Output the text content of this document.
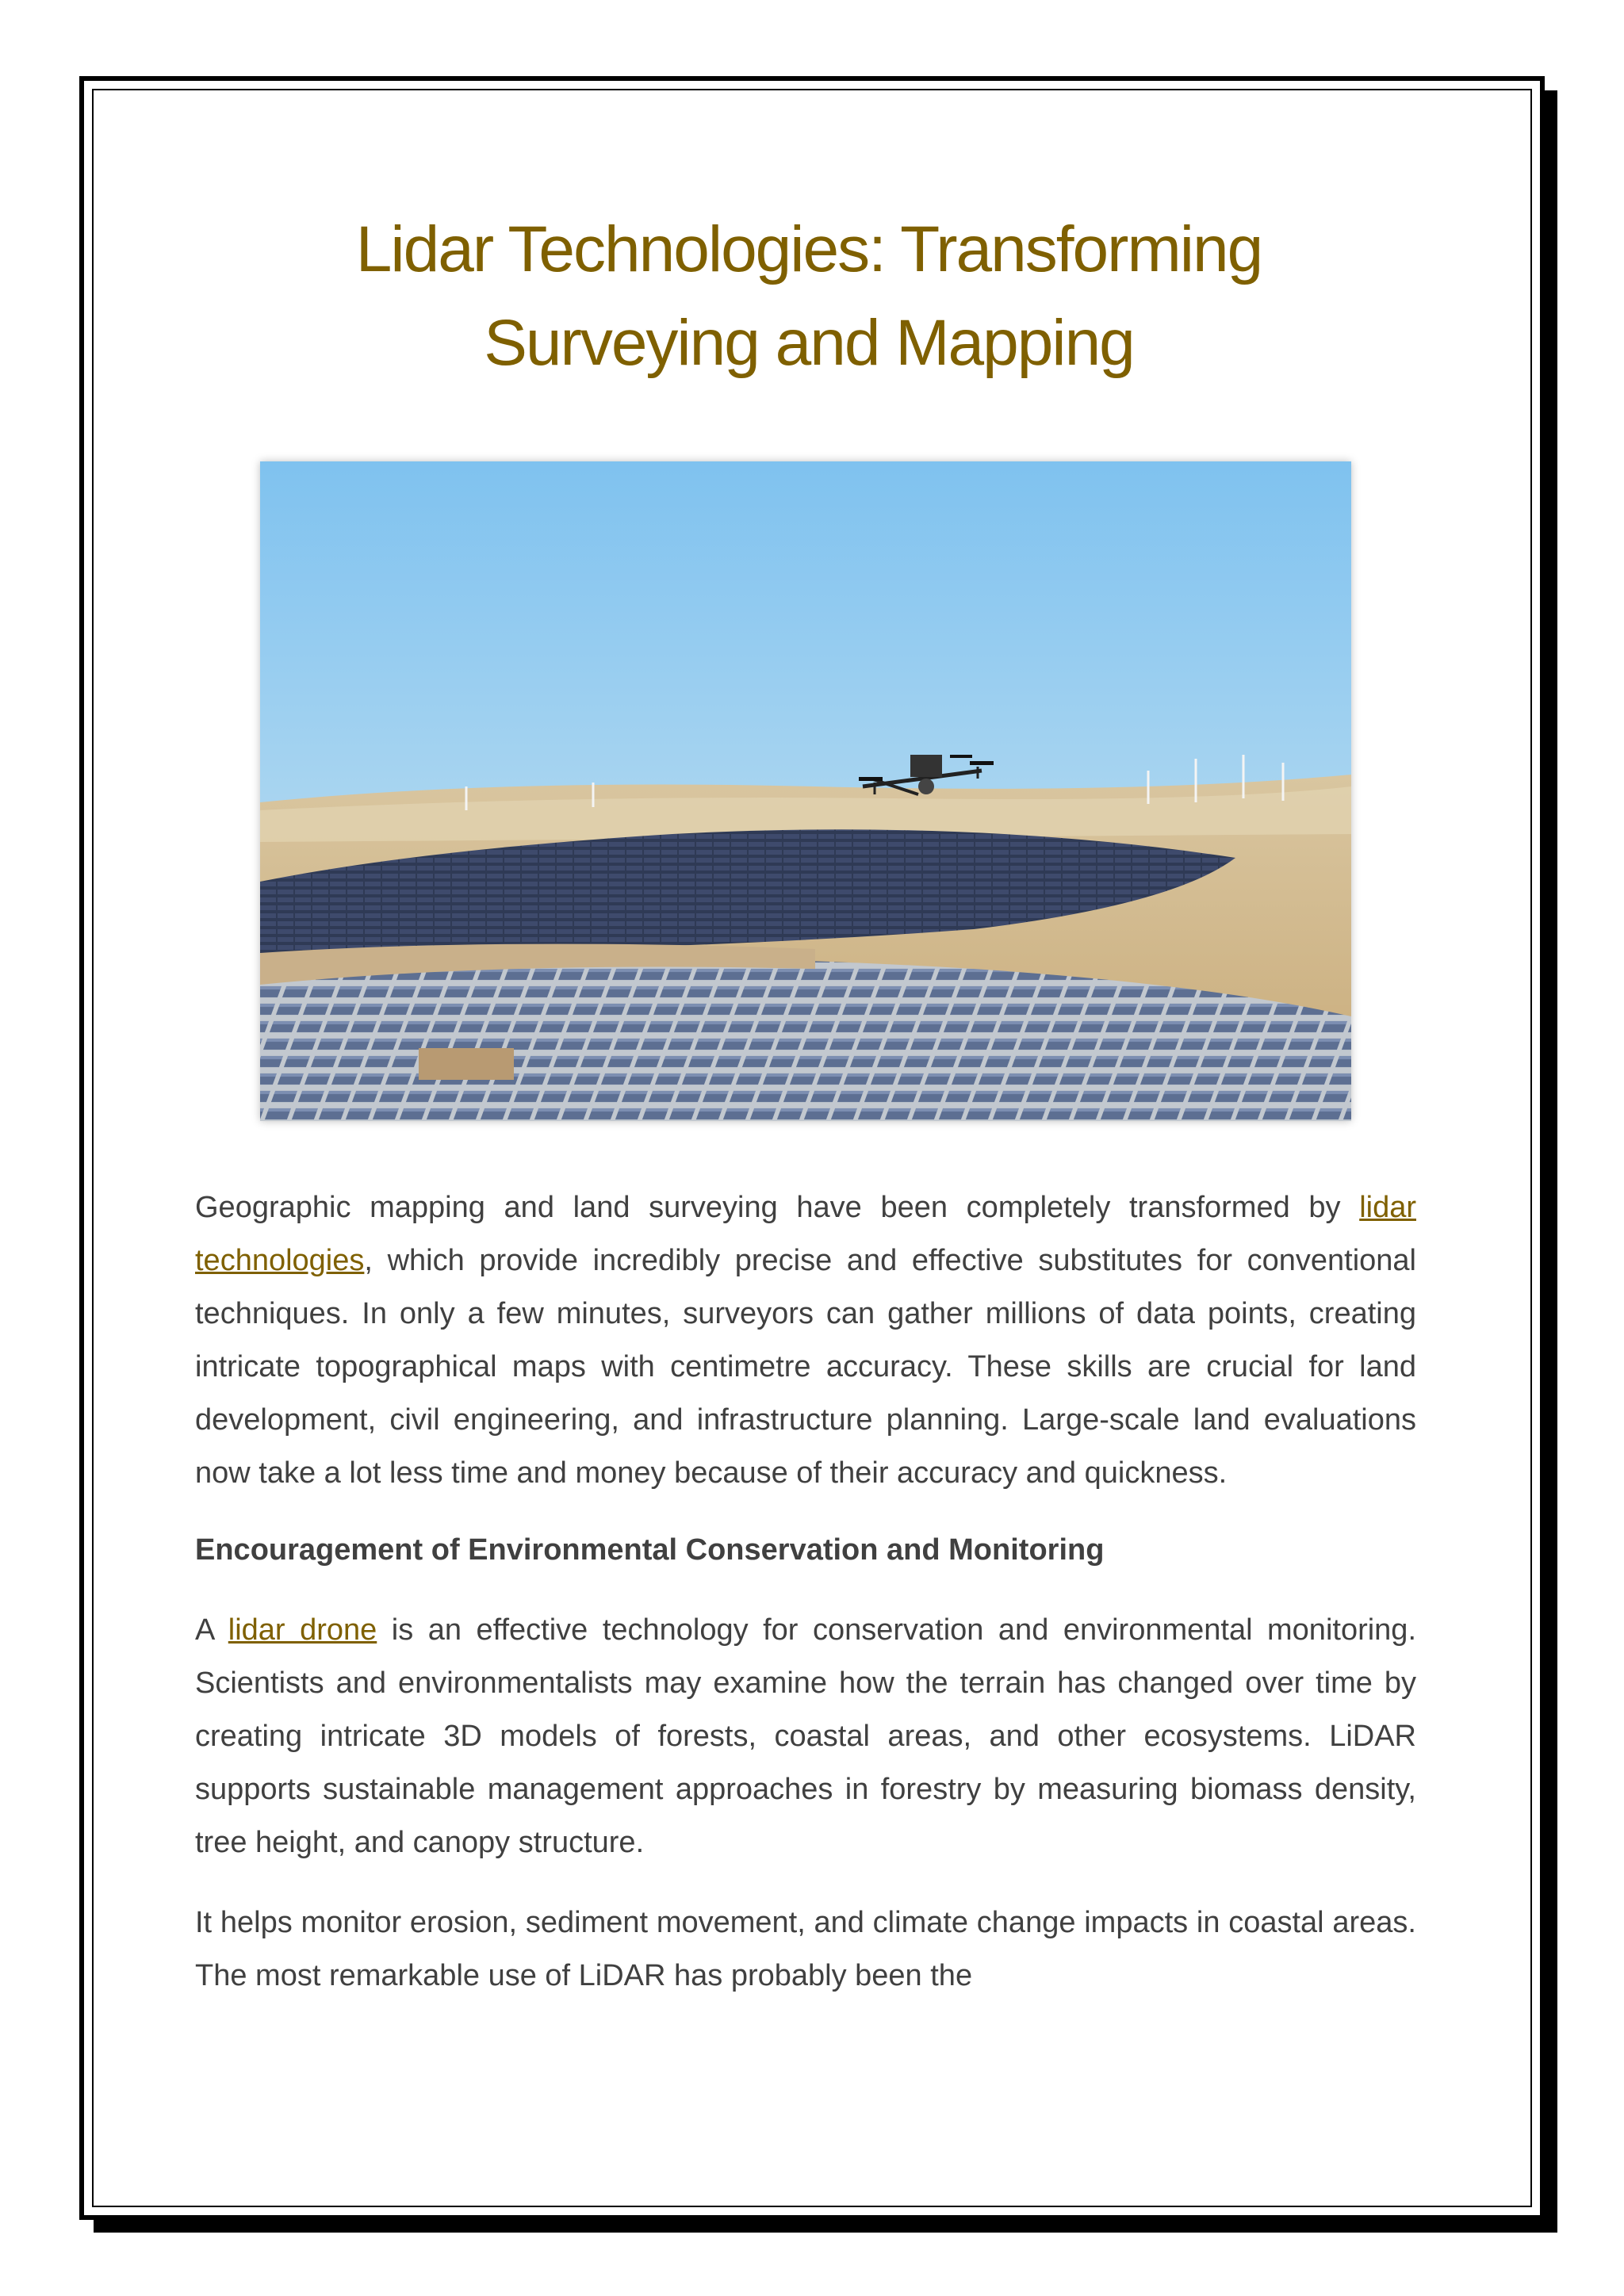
Lidar Technologies: Transforming
Surveying and Mapping

Geographic mapping and land surveying have been completely transformed by lidar technologies, which provide incredibly precise and effective substitutes for conventional techniques. In only a few minutes, surveyors can gather millions of data points, creating intricate topographical maps with centimetre accuracy. These skills are crucial for land development, civil engineering, and infrastructure planning. Large-scale land evaluations now take a lot less time and money because of their accuracy and quickness.

Encouragement of Environmental Conservation and Monitoring

A lidar drone is an effective technology for conservation and environmental monitoring. Scientists and environmentalists may examine how the terrain has changed over time by creating intricate 3D models of forests, coastal areas, and other ecosystems. LiDAR supports sustainable management approaches in forestry by measuring biomass density, tree height, and canopy structure.

It helps monitor erosion, sediment movement, and climate change impacts in coastal areas. The most remarkable use of LiDAR has probably been the
